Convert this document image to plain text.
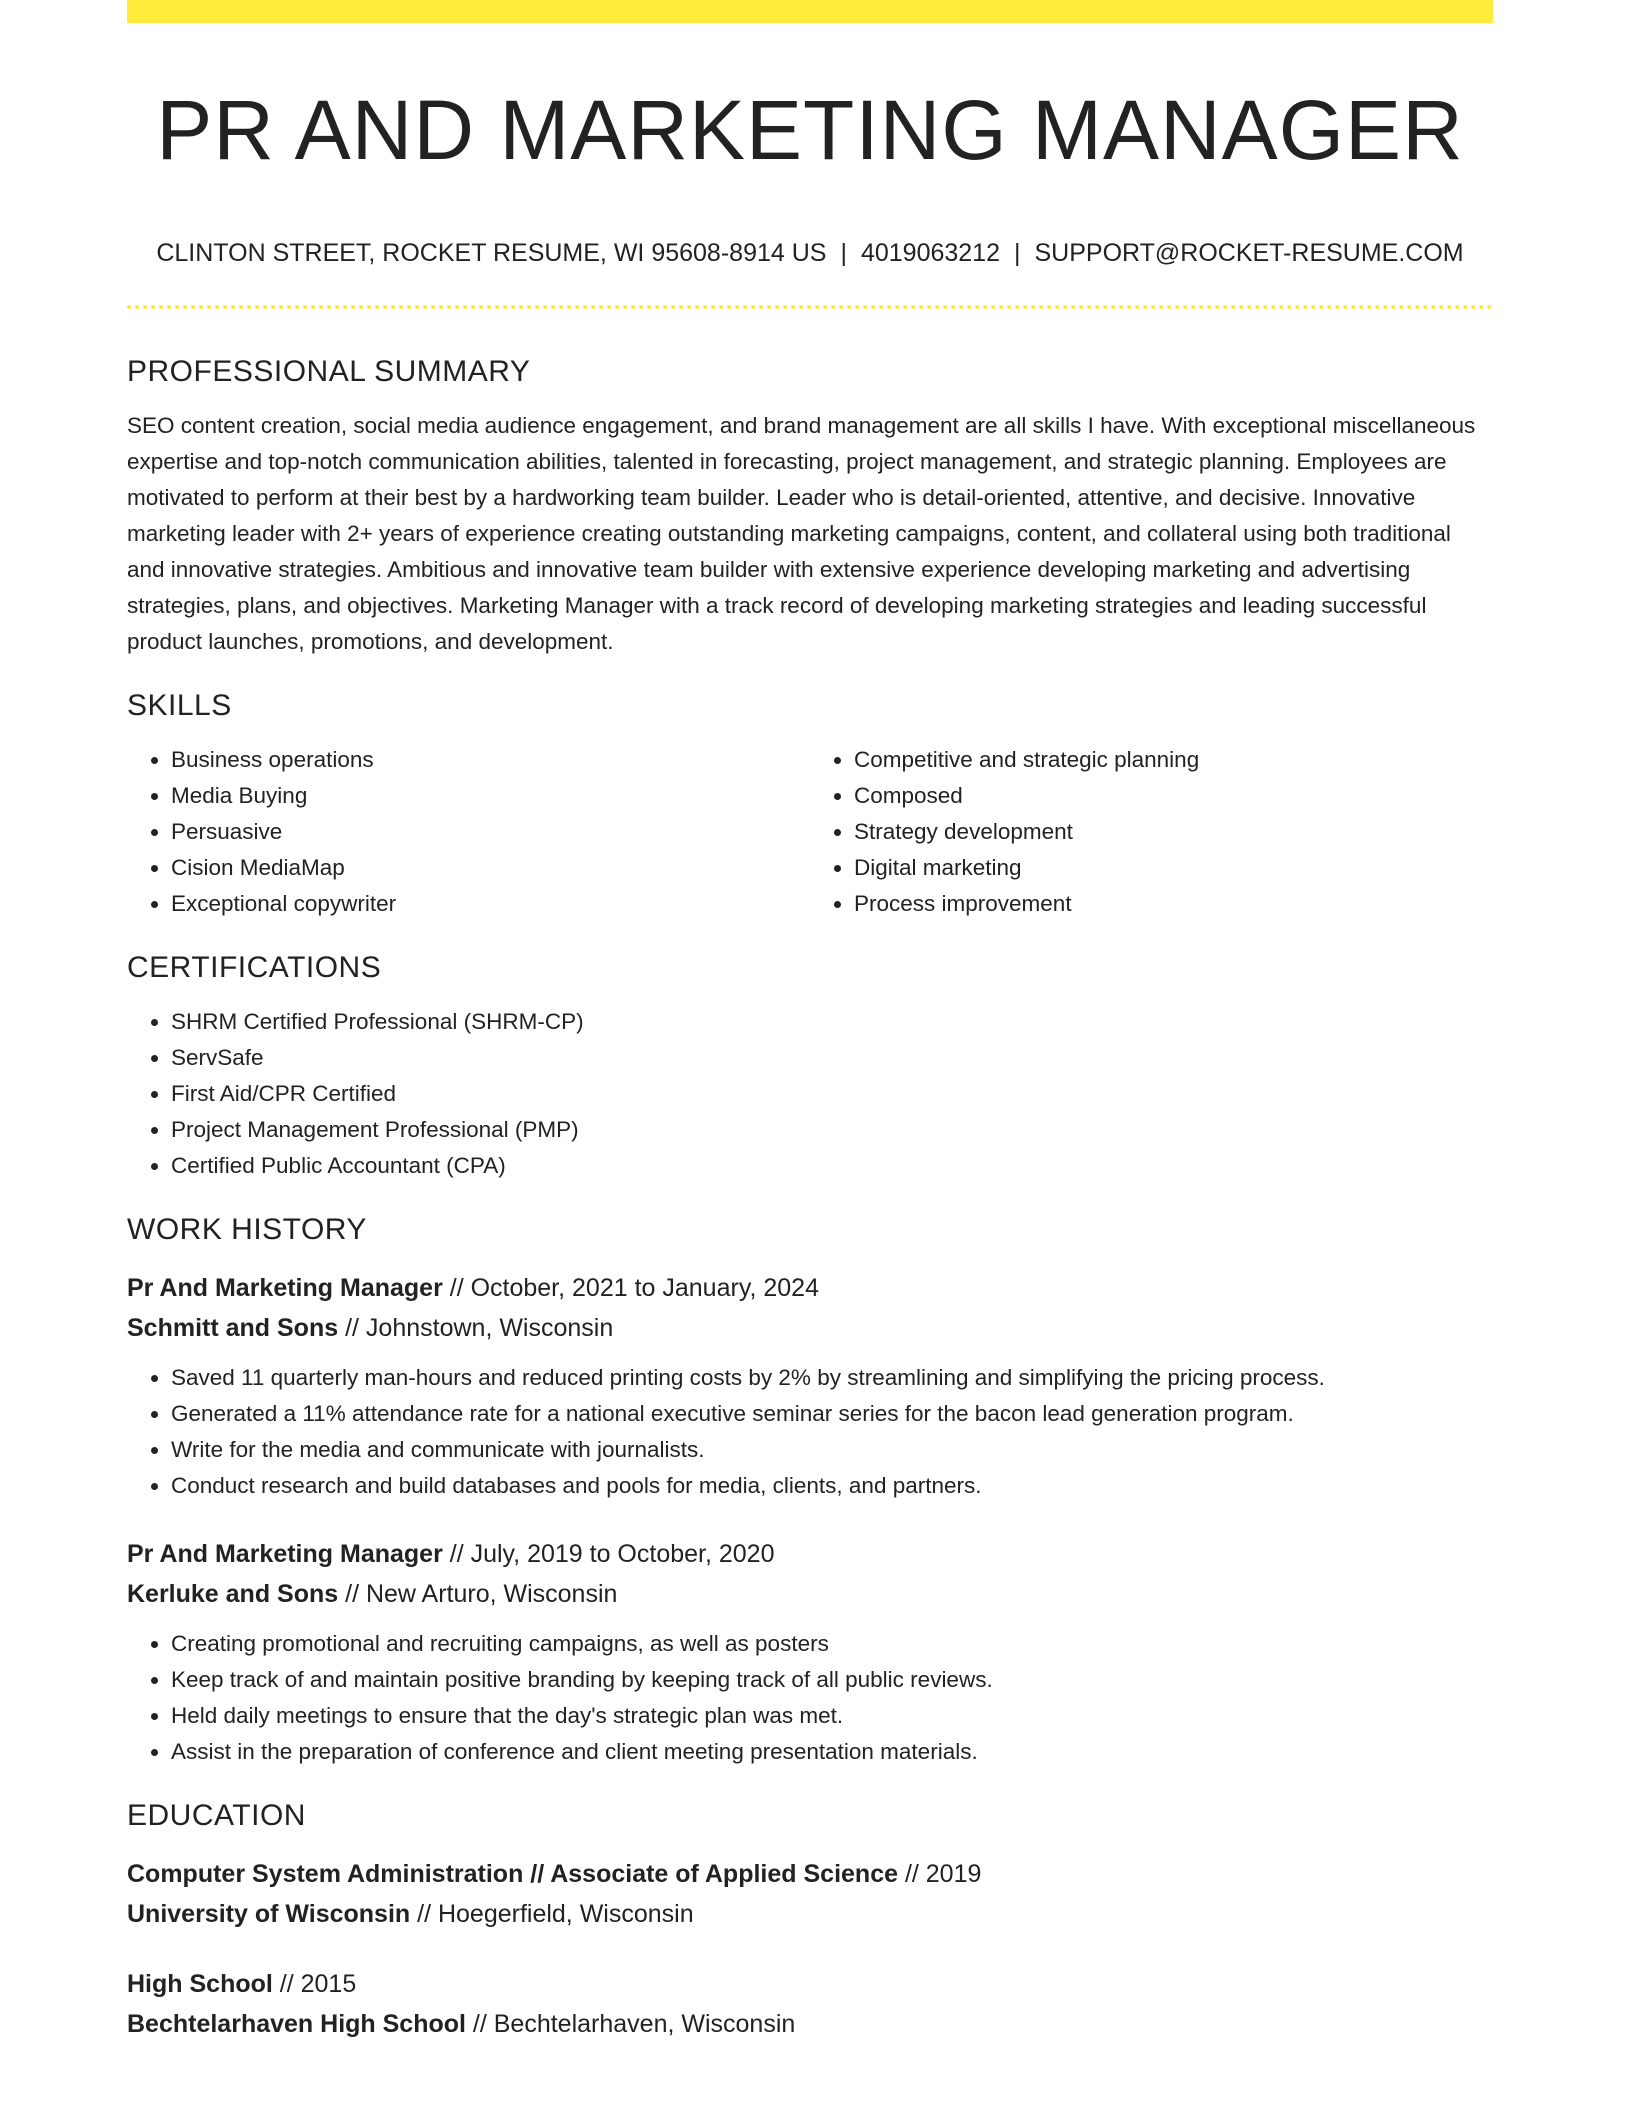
PR AND MARKETING MANAGER
CLINTON STREET, ROCKET RESUME, WI 95608-8914 US | 4019063212 | SUPPORT@ROCKET-RESUME.COM
PROFESSIONAL SUMMARY

SEO content creation, social media audience engagement, and brand management are all skills I have. With exceptional miscellaneous expertise and top-notch communication abilities, talented in forecasting, project management, and strategic planning. Employees are motivated to perform at their best by a hardworking team builder. Leader who is detail-oriented, attentive, and decisive. Innovative marketing leader with 2+ years of experience creating outstanding marketing campaigns, content, and collateral using both traditional and innovative strategies. Ambitious and innovative team builder with extensive experience developing marketing and advertising strategies, plans, and objectives. Marketing Manager with a track record of developing marketing strategies and leading successful product launches, promotions, and development.

SKILLS
• Business operations
• Media Buying
• Persuasive
• Cision MediaMap
• Exceptional copywriter
• Competitive and strategic planning
• Composed
• Strategy development
• Digital marketing
• Process improvement
CERTIFICATIONS
• SHRM Certified Professional (SHRM-CP)
• ServSafe
• First Aid/CPR Certified
• Project Management Professional (PMP)
• Certified Public Accountant (CPA)
WORK HISTORY
Pr And Marketing Manager // October, 2021 to January, 2024
Schmitt and Sons // Johnstown, Wisconsin
• Saved 11 quarterly man-hours and reduced printing costs by 2% by streamlining and simplifying the pricing process.
• Generated a 11% attendance rate for a national executive seminar series for the bacon lead generation program.
• Write for the media and communicate with journalists.
• Conduct research and build databases and pools for media, clients, and partners.
Pr And Marketing Manager // July, 2019 to October, 2020
Kerluke and Sons // New Arturo, Wisconsin
• Creating promotional and recruiting campaigns, as well as posters
• Keep track of and maintain positive branding by keeping track of all public reviews.
• Held daily meetings to ensure that the day's strategic plan was met.
• Assist in the preparation of conference and client meeting presentation materials.
EDUCATION
Computer System Administration // Associate of Applied Science // 2019
University of Wisconsin // Hoegerfield, Wisconsin
High School // 2015
Bechtelarhaven High School // Bechtelarhaven, Wisconsin
